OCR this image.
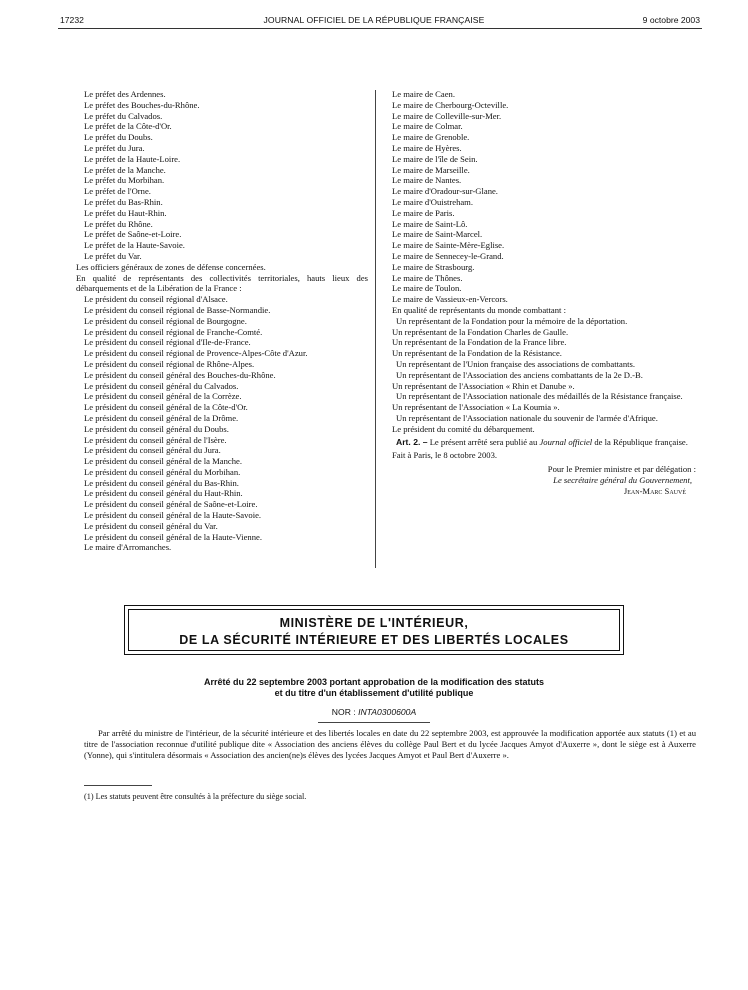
17232	JOURNAL OFFICIEL DE LA RÉPUBLIQUE FRANÇAISE	9 octobre 2003
Le préfet des Ardennes.
Le préfet des Bouches-du-Rhône.
Le préfet du Calvados.
Le préfet de la Côte-d'Or.
Le préfet du Doubs.
Le préfet du Jura.
Le préfet de la Haute-Loire.
Le préfet de la Manche.
Le préfet du Morbihan.
Le préfet de l'Orne.
Le préfet du Bas-Rhin.
Le préfet du Haut-Rhin.
Le préfet du Rhône.
Le préfet de Saône-et-Loire.
Le préfet de la Haute-Savoie.
Le préfet du Var.
Les officiers généraux de zones de défense concernées.
En qualité de représentants des collectivités territoriales, hauts lieux des débarquements et de la Libération de la France :
Le président du conseil régional d'Alsace.
Le président du conseil régional de Basse-Normandie.
Le président du conseil régional de Bourgogne.
Le président du conseil régional de Franche-Comté.
Le président du conseil régional d'Ile-de-France.
Le président du conseil régional de Provence-Alpes-Côte d'Azur.
Le président du conseil régional de Rhône-Alpes.
Le président du conseil général des Bouches-du-Rhône.
Le président du conseil général du Calvados.
Le président du conseil général de la Corrèze.
Le président du conseil général de la Côte-d'Or.
Le président du conseil général de la Drôme.
Le président du conseil général du Doubs.
Le président du conseil général de l'Isère.
Le président du conseil général du Jura.
Le président du conseil général de la Manche.
Le président du conseil général du Morbihan.
Le président du conseil général du Bas-Rhin.
Le président du conseil général du Haut-Rhin.
Le président du conseil général de Saône-et-Loire.
Le président du conseil général de la Haute-Savoie.
Le président du conseil général du Var.
Le président du conseil général de la Haute-Vienne.
Le maire d'Arromanches.
Le maire de Caen.
Le maire de Cherbourg-Octeville.
Le maire de Colleville-sur-Mer.
Le maire de Colmar.
Le maire de Grenoble.
Le maire de Hyères.
Le maire de l'île de Sein.
Le maire de Marseille.
Le maire de Nantes.
Le maire d'Oradour-sur-Glane.
Le maire d'Ouistreham.
Le maire de Paris.
Le maire de Saint-Lô.
Le maire de Saint-Marcel.
Le maire de Sainte-Mère-Eglise.
Le maire de Sennecey-le-Grand.
Le maire de Strasbourg.
Le maire de Thônes.
Le maire de Toulon.
Le maire de Vassieux-en-Vercors.
En qualité de représentants du monde combattant :
Un représentant de la Fondation pour la mémoire de la déportation.
Un représentant de la Fondation Charles de Gaulle.
Un représentant de la Fondation de la France libre.
Un représentant de la Fondation de la Résistance.
Un représentant de l'Union française des associations de combattants.
Un représentant de l'Association des anciens combattants de la 2e D.-B.
Un représentant de l'Association « Rhin et Danube ».
Un représentant de l'Association nationale des médaillés de la Résistance française.
Un représentant de l'Association « La Koumia ».
Un représentant de l'Association nationale du souvenir de l'armée d'Afrique.
Le président du comité du débarquement.
Art. 2. – Le présent arrêté sera publié au Journal officiel de la République française.
Fait à Paris, le 8 octobre 2003.
Pour le Premier ministre et par délégation :
Le secrétaire général du Gouvernement,
Jean-Marc Sauvé
MINISTÈRE DE L'INTÉRIEUR,
DE LA SÉCURITÉ INTÉRIEURE ET DES LIBERTÉS LOCALES
Arrêté du 22 septembre 2003 portant approbation de la modification des statuts
et du titre d'un établissement d'utilité publique
NOR : INTA0300600A
Par arrêté du ministre de l'intérieur, de la sécurité intérieure et des libertés locales en date du 22 septembre 2003, est approuvée la modification apportée aux statuts (1) et au titre de l'association reconnue d'utilité publique dite « Association des anciens élèves du collège Paul Bert et du lycée Jacques Amyot d'Auxerre », dont le siège est à Auxerre (Yonne), qui s'intitulera désormais « Association des ancien(ne)s élèves des lycées Jacques Amyot et Paul Bert d'Auxerre ».
(1) Les statuts peuvent être consultés à la préfecture du siège social.
